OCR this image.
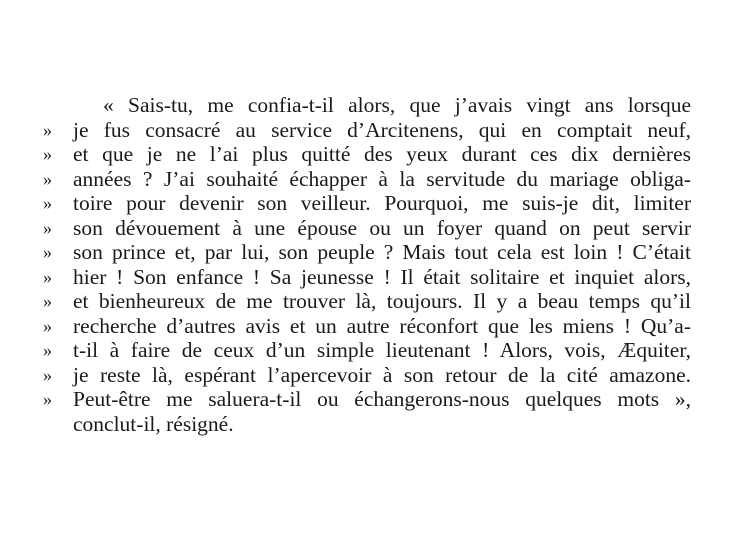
« Sais-tu, me confia-t-il alors, que j’avais vingt ans lorsque
» je fus consacré au service d’Arcitenens, qui en comptait neuf,
» et que je ne l’ai plus quitté des yeux durant ces dix dernières
» années ? J’ai souhaité échapper à la servitude du mariage obliga-
» toire pour devenir son veilleur. Pourquoi, me suis-je dit, limiter
» son dévouement à une épouse ou un foyer quand on peut servir
» son prince et, par lui, son peuple ? Mais tout cela est loin ! C’était
» hier ! Son enfance ! Sa jeunesse ! Il était solitaire et inquiet alors,
» et bienheureux de me trouver là, toujours. Il y a beau temps qu’il
» recherche d’autres avis et un autre réconfort que les miens ! Qu’a-
» t-il à faire de ceux d’un simple lieutenant ! Alors, vois, Æquiter,
» je reste là, espérant l’apercevoir à son retour de la cité amazone.
» Peut-être me saluera-t-il ou échangerons-nous quelques mots »,
conclut-il, résigné.
